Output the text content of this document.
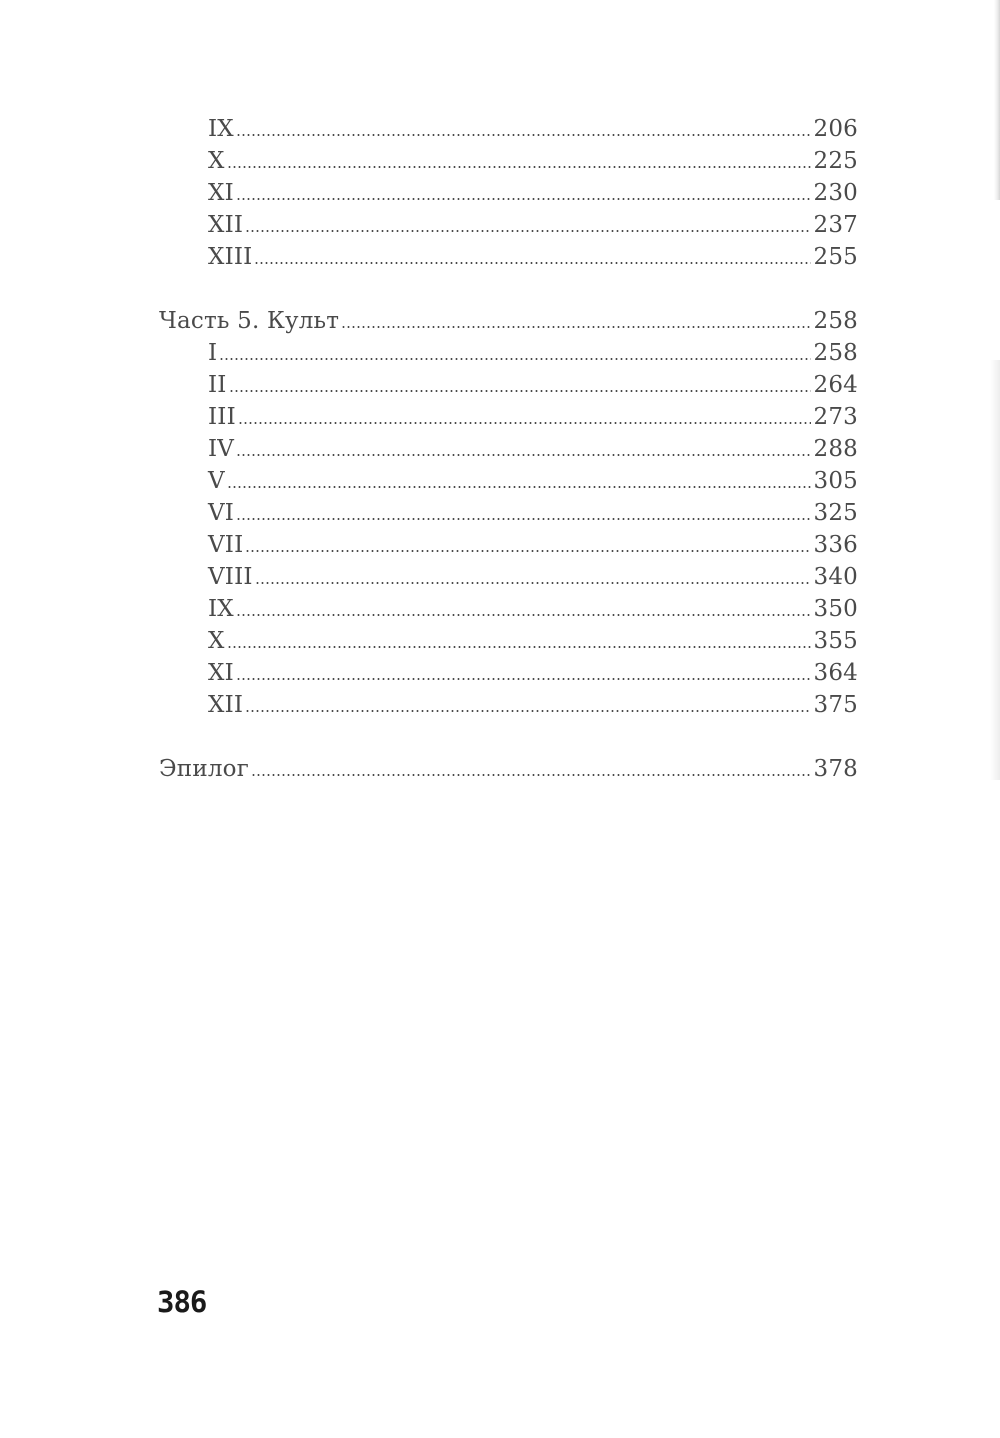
IX	206
X	225
XI	230
XII	237
XIII	255
Часть 5. Культ	258
I	258
II	264
III	273
IV	288
V	305
VI	325
VII	336
VIII	340
IX	350
X	355
XI	364
XII	375
Эпилог	378
386
